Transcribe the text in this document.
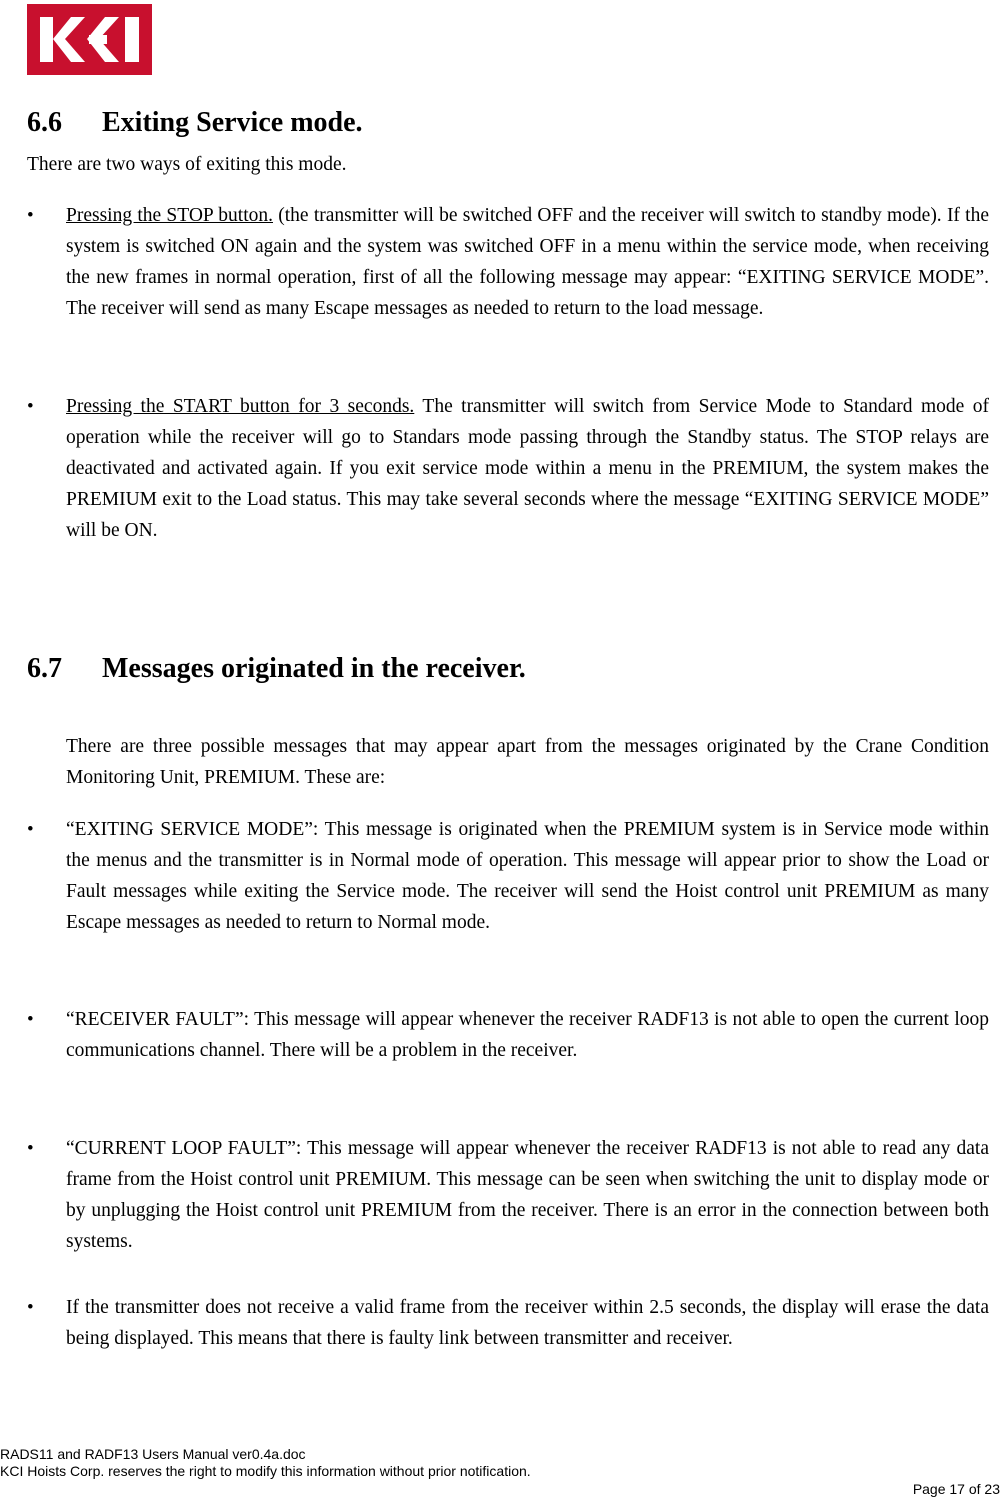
6.6 Exiting Service mode.

There are two ways of exiting this mode.

•	Pressing the STOP button. (the transmitter will be switched OFF and the receiver will switch to standby mode). If the system is switched ON again and the system was switched OFF in a menu within the service mode, when receiving the new frames in normal operation, first of all the following message may appear: “EXITING SERVICE MODE”. The receiver will send as many Escape messages as needed to return to the load message.

•	Pressing the START button for 3 seconds. The transmitter will switch from Service Mode to Standard mode of operation while the receiver will go to Standars mode passing through the Standby status. The STOP relays are deactivated and activated again. If you exit service mode within a menu in the PREMIUM, the system makes the PREMIUM exit to the Load status. This may take several seconds where the message “EXITING SERVICE MODE” will be ON.

6.7 Messages originated in the receiver.

There are three possible messages that may appear apart from the messages originated by the Crane Condition Monitoring Unit, PREMIUM. These are:

•	“EXITING SERVICE MODE”: This message is originated when the PREMIUM system is in Service mode within the menus and the transmitter is in Normal mode of operation. This message will appear prior to show the Load or Fault messages while exiting the Service mode. The receiver will send the Hoist control unit PREMIUM as many Escape messages as needed to return to Normal mode.

•	“RECEIVER FAULT”: This message will appear whenever the receiver RADF13 is not able to open the current loop communications channel. There will be a problem in the receiver.

•	“CURRENT LOOP FAULT”: This message will appear whenever the receiver RADF13 is not able to read any data frame from the Hoist control unit PREMIUM. This message can be seen when switching the unit to display mode or by unplugging the Hoist control unit PREMIUM from the receiver. There is an error in the connection between both systems.

•	If the transmitter does not receive a valid frame from the receiver within 2.5 seconds, the display will erase the data being displayed. This means that there is faulty link between transmitter and receiver.

RADS11 and RADF13 Users Manual ver0.4a.doc
KCI Hoists Corp. reserves the right to modify this information without prior notification.
Page 17 of 23
